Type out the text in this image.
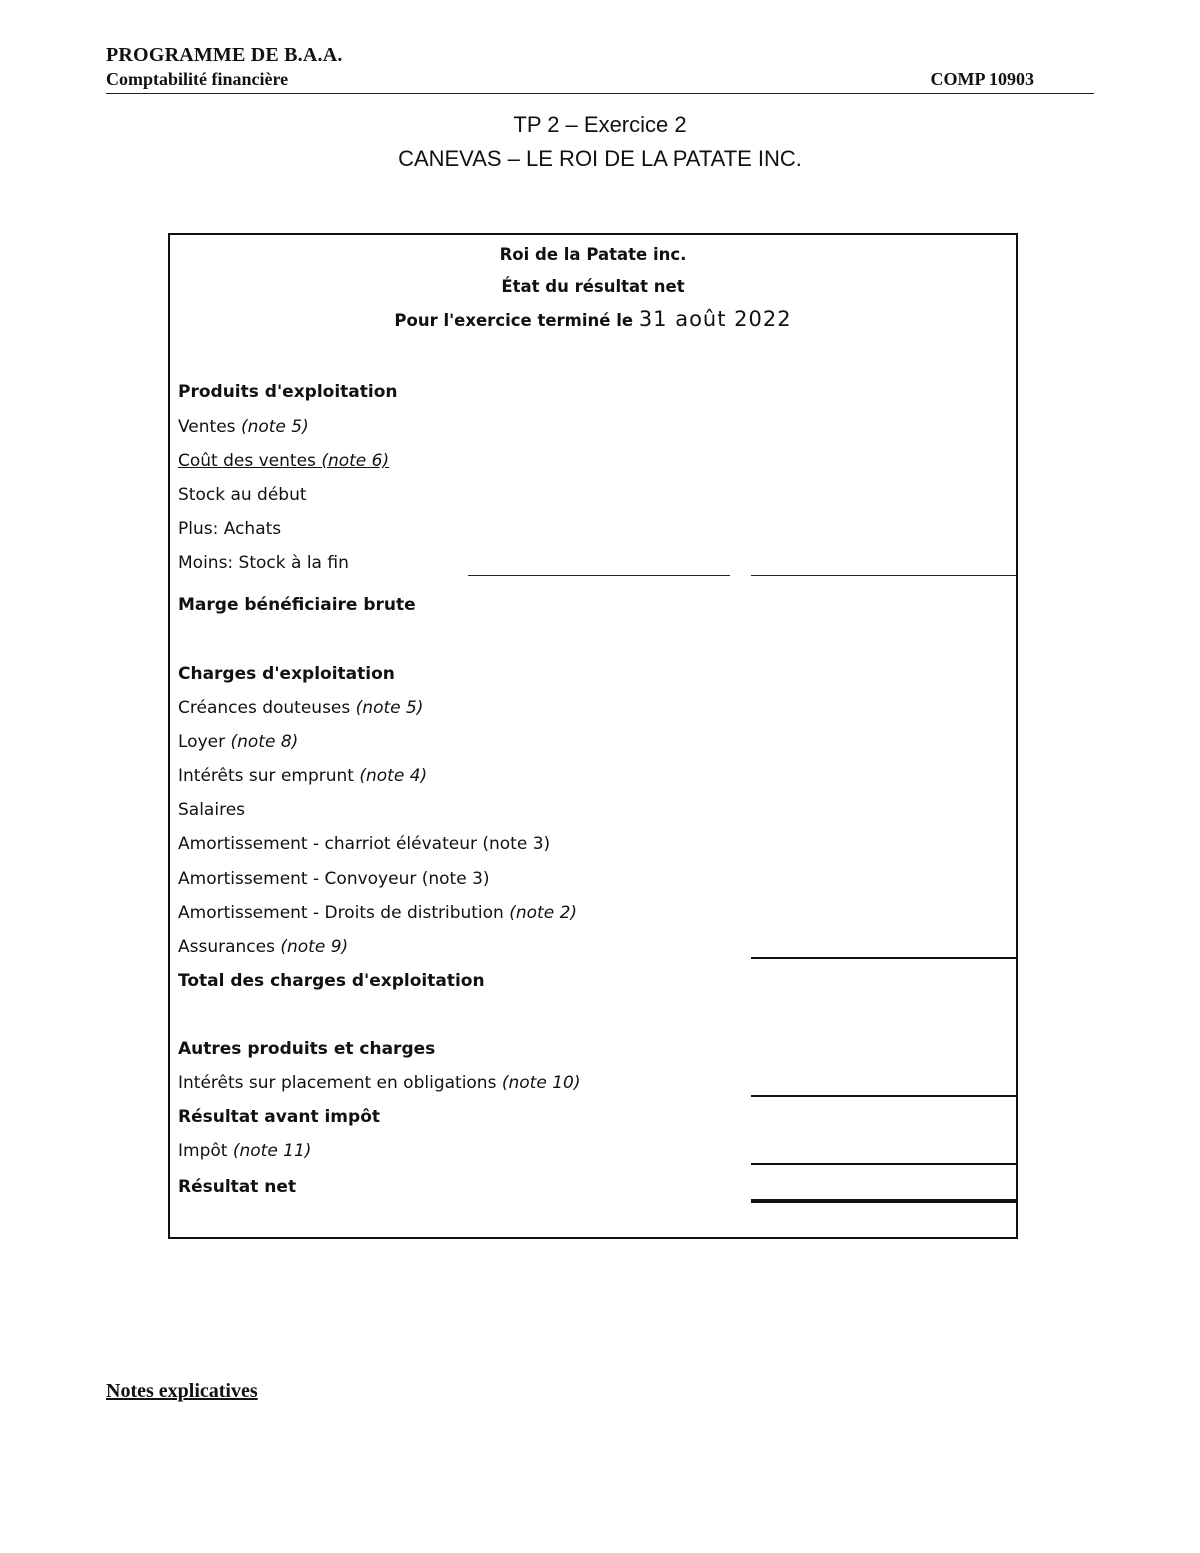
PROGRAMME DE B.A.A.
Comptabilité financière	COMP 10903
TP 2 – Exercice 2
CANEVAS – LE ROI DE LA PATATE INC.
Roi de la Patate inc.
État du résultat net
Pour l'exercice terminé le 31 août 2022
Produits d'exploitation
Ventes (note 5)
Coût des ventes (note 6)
Stock au début
Plus: Achats
Moins: Stock à la fin
Marge bénéficiaire brute
Charges d'exploitation
Créances douteuses (note 5)
Loyer (note 8)
Intérêts sur emprunt (note 4)
Salaires
Amortissement - charriot élévateur (note 3)
Amortissement - Convoyeur (note 3)
Amortissement - Droits de distribution (note 2)
Assurances (note 9)
Total des charges d'exploitation
Autres produits et charges
Intérêts sur placement en obligations (note 10)
Résultat avant impôt
Impôt (note 11)
Résultat net
Notes explicatives
